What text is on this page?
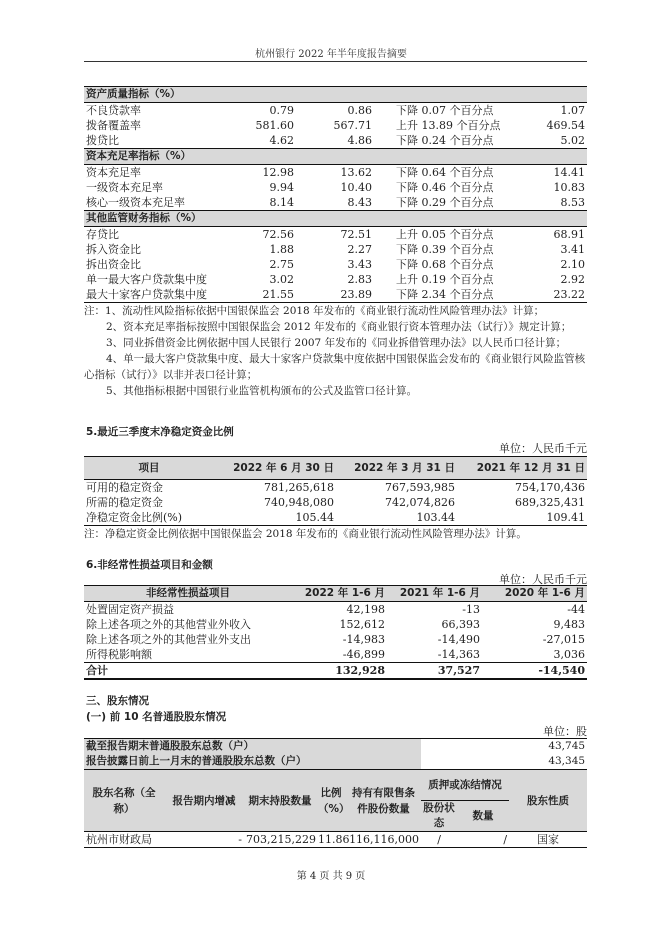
杭州银行 2022 年半年度报告摘要
资产质量指标（%）				
不良贷款率	0.79	0.86	下降 0.07 个百分点	1.07
拨备覆盖率	581.60	567.71	上升 13.89 个百分点	469.54
拨贷比	4.62	4.86	下降 0.24 个百分点	5.02
资本充足率指标（%）				
资本充足率	12.98	13.62	下降 0.64 个百分点	14.41
一级资本充足率	9.94	10.40	下降 0.46 个百分点	10.83
核心一级资本充足率	8.14	8.43	下降 0.29 个百分点	8.53
其他监管财务指标（%）				
存贷比	72.56	72.51	上升 0.05 个百分点	68.91
拆入资金比	1.88	2.27	下降 0.39 个百分点	3.41
拆出资金比	2.75	3.43	下降 0.68 个百分点	2.10
单一最大客户贷款集中度	3.02	2.83	上升 0.19 个百分点	2.92
最大十家客户贷款集中度	21.55	23.89	下降 2.34 个百分点	23.22

注：1、流动性风险指标依据中国银保监会 2018 年发布的《商业银行流动性风险管理办法》计算；

2、资本充足率指标按照中国银保监会 2012 年发布的《商业银行资本管理办法（试行）》规定计算；

3、同业拆借资金比例依据中国人民银行 2007 年发布的《同业拆借管理办法》以人民币口径计算；

4、单一最大客户贷款集中度、最大十家客户贷款集中度依据中国银保监会发布的《商业银行风险监管核心指标（试行）》以非并表口径计算；

5、其他指标根据中国银行业监管机构颁布的公式及监管口径计算。

5.最近三季度末净稳定资金比例
单位：人民币千元
项目	2022 年 6 月 30 日	2022 年 3 月 31 日	2021 年 12 月 31 日
可用的稳定资金	781,265,618	767,593,985	754,170,436
所需的稳定资金	740,948,080	742,074,826	689,325,431
净稳定资金比例(%)	105.44	103.44	109.41
注：净稳定资金比例依据中国银保监会 2018 年发布的《商业银行流动性风险管理办法》计算。
6.非经常性损益项目和金额
单位：人民币千元
非经常性损益项目	2022 年 1-6 月	2021 年 1-6 月	2020 年 1-6 月
处置固定资产损益	42,198	-13	-44
除上述各项之外的其他营业外收入	152,612	66,393	9,483
除上述各项之外的其他营业外支出	-14,983	-14,490	-27,015
所得税影响额	-46,899	-14,363	3,036
合计	132,928	37,527	-14,540
三、股东情况
(一) 前 10 名普通股股东情况
单位：股
截至报告期末普通股股东总数（户）					43,745		
报告披露日前上一月末的普通股股东总数（户）					43,345		
股东名称（全称）	报告期内增减	期末持股数量	比例（%）	持有有限售条件股份数量	质押或冻结情况		股东性质
					股份状态	数量	
杭州市财政局	-	703,215,229	11.86	116,116,000	/	/	国家
第 4 页 共 9 页
